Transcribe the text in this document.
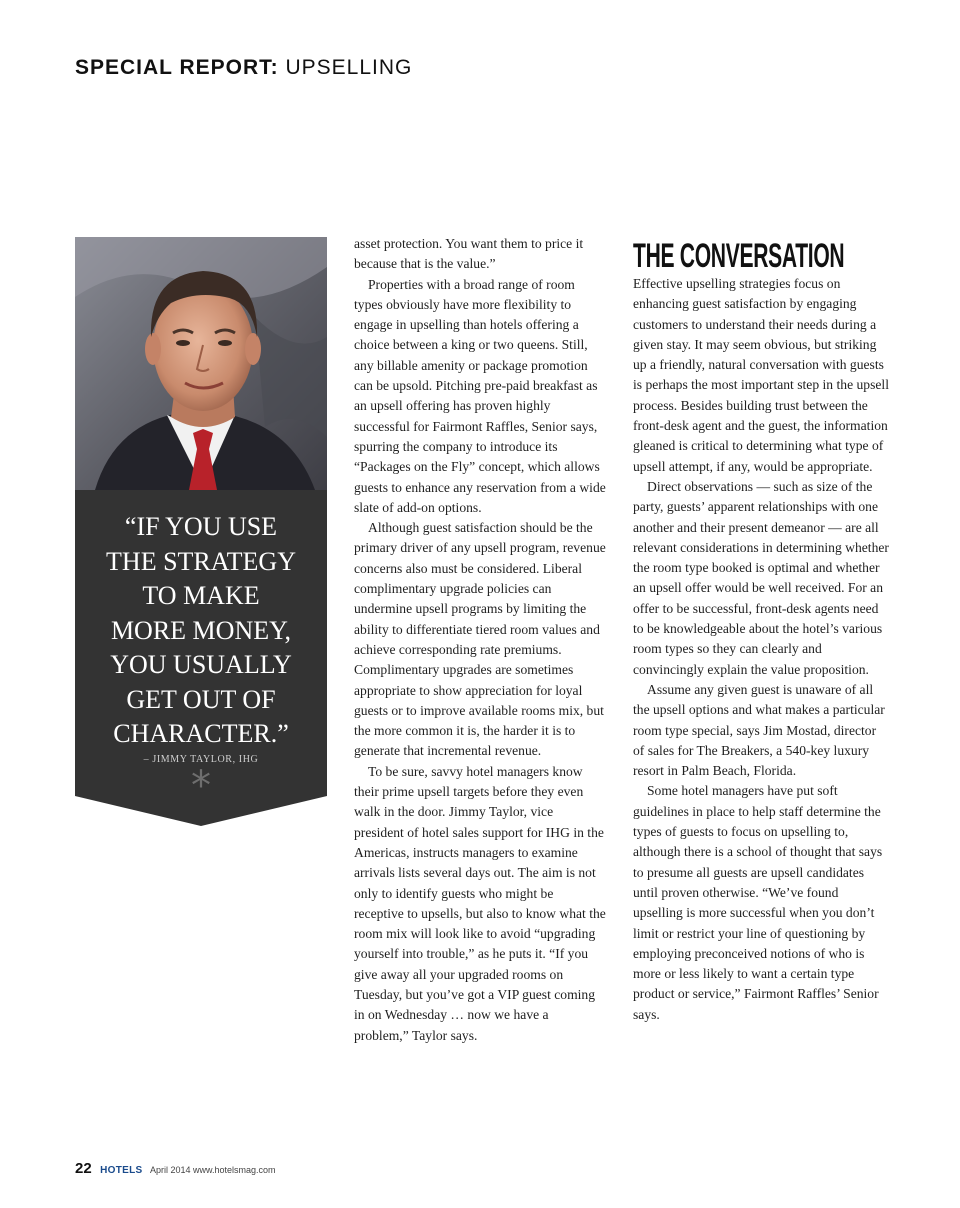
SPECIAL REPORT: UPSELLING
“IF YOU USE
THE STRATEGY
TO MAKE
MORE MONEY,
YOU USUALLY
GET OUT OF
CHARACTER.”
– JIMMY TAYLOR, IHG
*

asset protection. You want them to price it because that is the value.”

Properties with a broad range of room types obviously have more flexibility to engage in upselling than hotels offering a choice between a king or two queens. Still, any billable amenity or package promotion can be upsold. Pitching pre-paid breakfast as an upsell offering has proven highly successful for Fairmont Raffles, Senior says, spurring the company to introduce its “Packages on the Fly” concept, which allows guests to enhance any reservation from a wide slate of add-on options.

Although guest satisfaction should be the primary driver of any upsell program, revenue concerns also must be considered. Liberal complimentary upgrade policies can undermine upsell programs by limiting the ability to differentiate tiered room values and achieve corresponding rate premiums. Complimentary upgrades are sometimes appropriate to show appreciation for loyal guests or to improve available rooms mix, but the more common it is, the harder it is to generate that incremental revenue.

To be sure, savvy hotel managers know their prime upsell targets before they even walk in the door. Jimmy Taylor, vice president of hotel sales support for IHG in the Americas, instructs managers to examine arrivals lists several days out. The aim is not only to identify guests who might be receptive to upsells, but also to know what the room mix will look like to avoid “upgrading yourself into trouble,” as he puts it. “If you give away all your upgraded rooms on Tuesday, but you’ve got a VIP guest coming in on Wednesday … now we have a problem,” Taylor says.

THE CONVERSATION

Effective upselling strategies focus on enhancing guest satisfaction by engaging customers to understand their needs during a given stay. It may seem obvious, but striking up a friendly, natural conversation with guests is perhaps the most important step in the upsell process. Besides building trust between the front-desk agent and the guest, the information gleaned is critical to determining what type of upsell attempt, if any, would be appropriate.

Direct observations — such as size of the party, guests’ apparent relationships with one another and their present demeanor — are all relevant considerations in determining whether the room type booked is optimal and whether an upsell offer would be well received. For an offer to be successful, front-desk agents need to be knowledgeable about the hotel’s various room types so they can clearly and convincingly explain the value proposition.

Assume any given guest is unaware of all the upsell options and what makes a particular room type special, says Jim Mostad, director of sales for The Breakers, a 540-key luxury resort in Palm Beach, Florida.

Some hotel managers have put soft guidelines in place to help staff determine the types of guests to focus on upselling to, although there is a school of thought that says to presume all guests are upsell candidates until proven otherwise. “We’ve found upselling is more successful when you don’t limit or restrict your line of questioning by employing preconceived notions of who is more or less likely to want a certain type product or service,” Fairmont Raffles’ Senior says.

22 HOTELS April 2014 www.hotelsmag.com
